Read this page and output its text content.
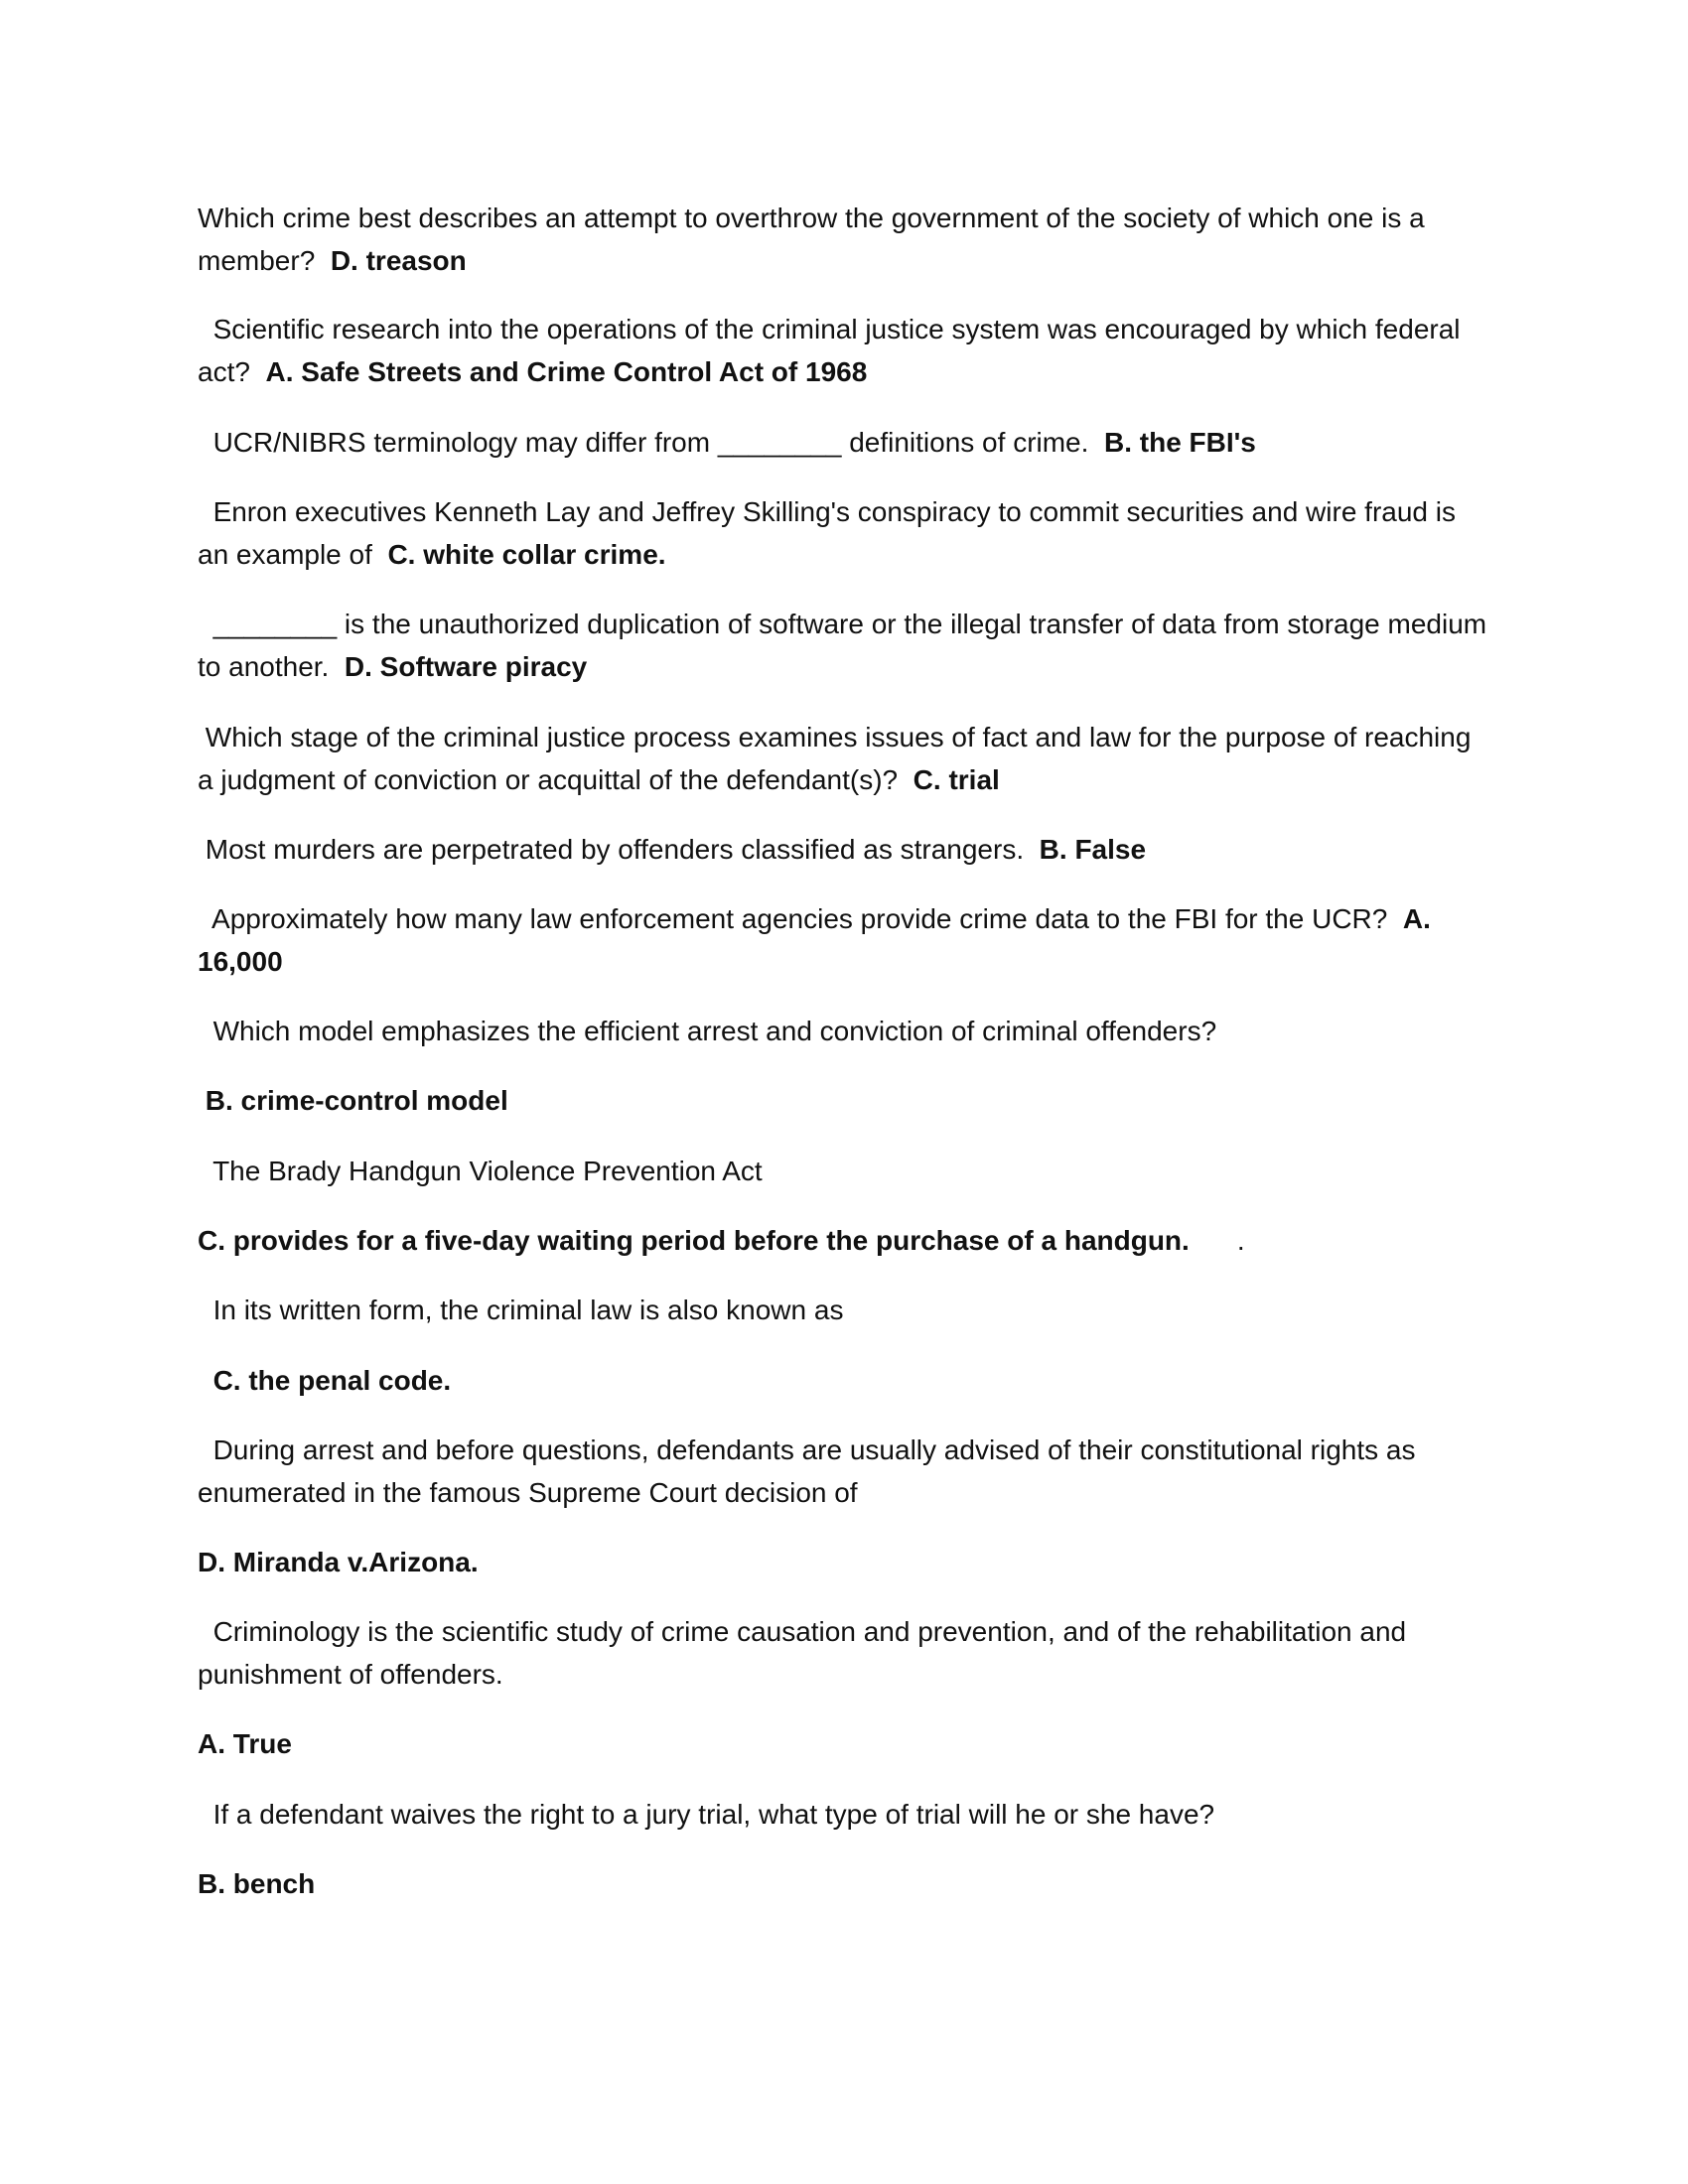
Which crime best describes an attempt to overthrow the government of the society of which one is a member? D. treason
Scientific research into the operations of the criminal justice system was encouraged by which federal act? A. Safe Streets and Crime Control Act of 1968
UCR/NIBRS terminology may differ from ________ definitions of crime. B. the FBI's
Enron executives Kenneth Lay and Jeffrey Skilling's conspiracy to commit securities and wire fraud is an example of C. white collar crime.
________ is the unauthorized duplication of software or the illegal transfer of data from storage medium to another. D. Software piracy
Which stage of the criminal justice process examines issues of fact and law for the purpose of reaching a judgment of conviction or acquittal of the defendant(s)? C. trial
Most murders are perpetrated by offenders classified as strangers. B. False
Approximately how many law enforcement agencies provide crime data to the FBI for the UCR? A. 16,000
Which model emphasizes the efficient arrest and conviction of criminal offenders?
B. crime-control model
The Brady Handgun Violence Prevention Act
C. provides for a five-day waiting period before the purchase of a handgun. .
In its written form, the criminal law is also known as
C. the penal code.
During arrest and before questions, defendants are usually advised of their constitutional rights as enumerated in the famous Supreme Court decision of
D. Miranda v.Arizona.
Criminology is the scientific study of crime causation and prevention, and of the rehabilitation and punishment of offenders.
A. True
If a defendant waives the right to a jury trial, what type of trial will he or she have?
B. bench
